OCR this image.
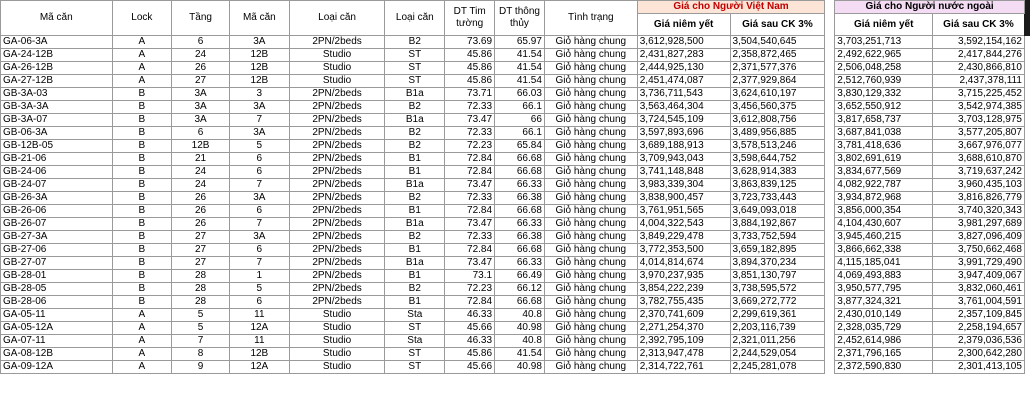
Mã căn	Lock	Tầng	Mã căn	Loại căn	Loại căn	DT Tim tường	DT thông thủy	Tình trạng	Giá cho Người Việt Nam			Giá cho Người nước ngoài		
									Giá niêm yết	Giá sau CK 3%		Giá niêm yết	Giá sau CK 3%	
GA-06-3A	A	6	3A	2PN/2beds	B2	73.69	65.97	Giỏ hàng chung	3,612,928,500	3,504,540,645		3,703,251,713	3,592,154,162	
GA-24-12B	A	24	12B	Studio	ST	45.86	41.54	Giỏ hàng chung	2,431,827,283	2,358,872,465		2,492,622,965	2,417,844,276	
GA-26-12B	A	26	12B	Studio	ST	45.86	41.54	Giỏ hàng chung	2,444,925,130	2,371,577,376		2,506,048,258	2,430,866,810	
GA-27-12B	A	27	12B	Studio	ST	45.86	41.54	Giỏ hàng chung	2,451,474,087	2,377,929,864		2,512,760,939	2,437,378,111	
GB-3A-03	B	3A	3	2PN/2beds	B1a	73.71	66.03	Giỏ hàng chung	3,736,711,543	3,624,610,197		3,830,129,332	3,715,225,452	
GB-3A-3A	B	3A	3A	2PN/2beds	B2	72.33	66.1	Giỏ hàng chung	3,563,464,304	3,456,560,375		3,652,550,912	3,542,974,385	
GB-3A-07	B	3A	7	2PN/2beds	B1a	73.47	66	Giỏ hàng chung	3,724,545,109	3,612,808,756		3,817,658,737	3,703,128,975	
GB-06-3A	B	6	3A	2PN/2beds	B2	72.33	66.1	Giỏ hàng chung	3,597,893,696	3,489,956,885		3,687,841,038	3,577,205,807	
GB-12B-05	B	12B	5	2PN/2beds	B2	72.23	65.84	Giỏ hàng chung	3,689,188,913	3,578,513,246		3,781,418,636	3,667,976,077	
GB-21-06	B	21	6	2PN/2beds	B1	72.84	66.68	Giỏ hàng chung	3,709,943,043	3,598,644,752		3,802,691,619	3,688,610,870	
GB-24-06	B	24	6	2PN/2beds	B1	72.84	66.68	Giỏ hàng chung	3,741,148,848	3,628,914,383		3,834,677,569	3,719,637,242	
GB-24-07	B	24	7	2PN/2beds	B1a	73.47	66.33	Giỏ hàng chung	3,983,339,304	3,863,839,125		4,082,922,787	3,960,435,103	
GB-26-3A	B	26	3A	2PN/2beds	B2	72.33	66.38	Giỏ hàng chung	3,838,900,457	3,723,733,443		3,934,872,968	3,816,826,779	
GB-26-06	B	26	6	2PN/2beds	B1	72.84	66.68	Giỏ hàng chung	3,761,951,565	3,649,093,018		3,856,000,354	3,740,320,343	
GB-26-07	B	26	7	2PN/2beds	B1a	73.47	66.33	Giỏ hàng chung	4,004,322,543	3,884,192,867		4,104,430,607	3,981,297,689	
GB-27-3A	B	27	3A	2PN/2beds	B2	72.33	66.38	Giỏ hàng chung	3,849,229,478	3,733,752,594		3,945,460,215	3,827,096,409	
GB-27-06	B	27	6	2PN/2beds	B1	72.84	66.68	Giỏ hàng chung	3,772,353,500	3,659,182,895		3,866,662,338	3,750,662,468	
GB-27-07	B	27	7	2PN/2beds	B1a	73.47	66.33	Giỏ hàng chung	4,014,814,674	3,894,370,234		4,115,185,041	3,991,729,490	
GB-28-01	B	28	1	2PN/2beds	B1	73.1	66.49	Giỏ hàng chung	3,970,237,935	3,851,130,797		4,069,493,883	3,947,409,067	
GB-28-05	B	28	5	2PN/2beds	B2	72.23	66.12	Giỏ hàng chung	3,854,222,239	3,738,595,572		3,950,577,795	3,832,060,461	
GB-28-06	B	28	6	2PN/2beds	B1	72.84	66.68	Giỏ hàng chung	3,782,755,435	3,669,272,772		3,877,324,321	3,761,004,591	
GA-05-11	A	5	11	Studio	Sta	46.33	40.8	Giỏ hàng chung	2,370,741,609	2,299,619,361		2,430,010,149	2,357,109,845	
GA-05-12A	A	5	12A	Studio	ST	45.66	40.98	Giỏ hàng chung	2,271,254,370	2,203,116,739		2,328,035,729	2,258,194,657	
GA-07-11	A	7	11	Studio	Sta	46.33	40.8	Giỏ hàng chung	2,392,795,109	2,321,011,256		2,452,614,986	2,379,036,536	
GA-08-12B	A	8	12B	Studio	ST	45.86	41.54	Giỏ hàng chung	2,313,947,478	2,244,529,054		2,371,796,165	2,300,642,280	
GA-09-12A	A	9	12A	Studio	ST	45.66	40.98	Giỏ hàng chung	2,314,722,761	2,245,281,078		2,372,590,830	2,301,413,105	
